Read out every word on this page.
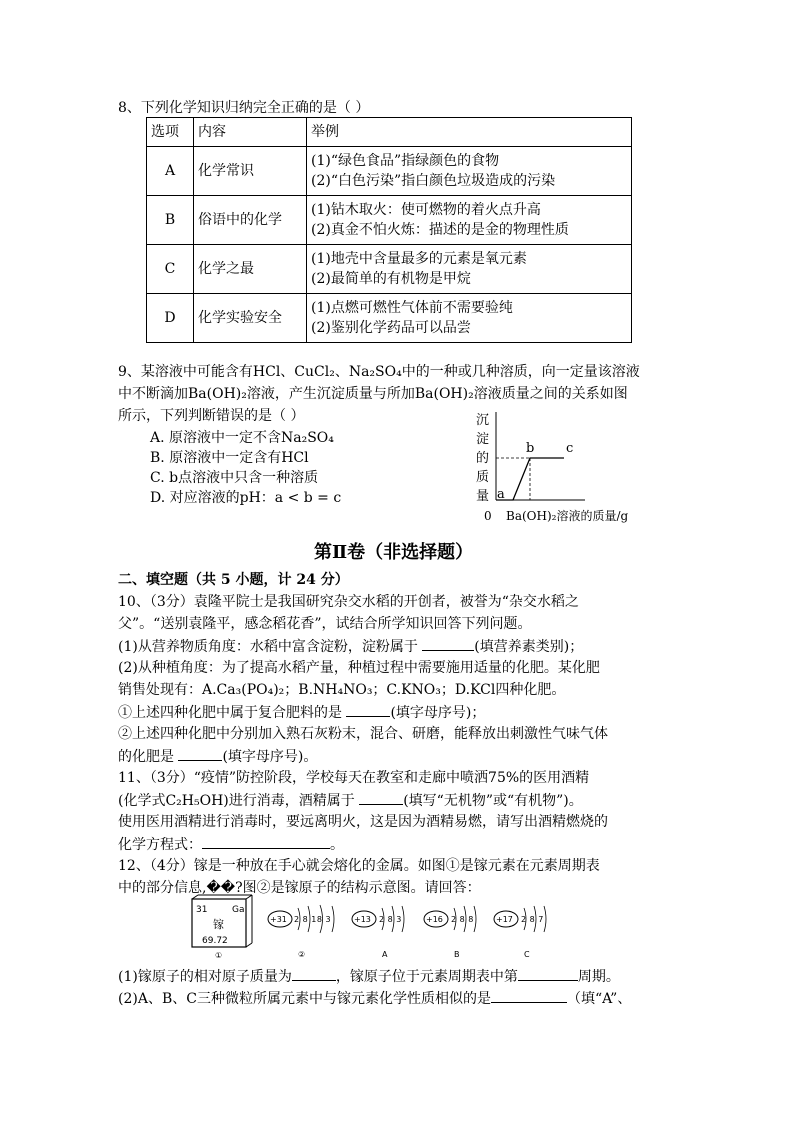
8、下列化学知识归纳完全正确的是（ ）
选项	内容	举例
A	化学常识	(1)“绿色食品”指绿颜色的食物
(2)“白色污染”指白颜色垃圾造成的污染

B	俗语中的化学	(1)钻木取火：使可燃物的着火点升高
(2)真金不怕火炼：描述的是金的物理性质

C	化学之最	(1)地壳中含量最多的元素是氧元素
(2)最简单的有机物是甲烷

D	化学实验安全	(1)点燃可燃性气体前不需要验纯
(2)鉴别化学药品可以品尝
9、某溶液中可能含有HCl、CuCl₂、Na₂SO₄中的一种或几种溶质，向一定量该溶液
中不断滴加Ba(OH)₂溶液，产生沉淀质量与所加Ba(OH)₂溶液质量之间的关系如图
所示，下列判断错误的是（ ）
A. 原溶液中一定不含Na₂SO₄
B. 原溶液中一定含有HCl
C. b点溶液中只含一种溶质
D. 对应溶液的pH：a < b = c
沉
淀
的
质
量 a
b c
0 Ba(OH)₂溶液的质量/g
第Ⅱ卷（非选择题）
二、填空题（共 5 小题，计 24 分）
10、（3分）袁隆平院士是我国研究杂交水稻的开创者，被誉为“杂交水稻之
父”。“送别袁隆平，感念稻花香”，试结合所学知识回答下列问题。
(1)从营养物质角度：水稻中富含淀粉，淀粉属于	(填营养素类别)；
(2)从种植角度：为了提高水稻产量，种植过程中需要施用适量的化肥。某化肥
销售处现有：A.Ca₃(PO₄)₂；B.NH₄NO₃；C.KNO₃；D.KCl四种化肥。
①上述四种化肥中属于复合肥料的是	(填字母序号)；
②上述四种化肥中分别加入熟石灰粉末，混合、研磨，能释放出刺激性气味气体
的化肥是	(填字母序号)。
11、（3分）“疫情”防控阶段，学校每天在教室和走廊中喷洒75%的医用酒精
(化学式C₂H₅OH)进行消毒，酒精属于	(填写“无机物”或“有机物”)。
使用医用酒精进行消毒时，要远离明火，这是因为酒精易燃，请写出酒精燃烧的
化学方程式：	。
12、（4分）镓是一种放在手心就会熔化的金属。如图①是镓元素在元素周期表
中的部分信息,��?图②是镓原子的结构示意图。请回答：
31	Ga
镓
69.72
①
+31 2 8 18 3
②
+13 2 8 3
A
+16 2 8 8
B
+17 2 8 7
C
(1)镓原子的相对原子质量为	，镓原子位于元素周期表中第	周期。
(2)A、B、C三种微粒所属元素中与镓元素化学性质相似的是	（填“A”、
